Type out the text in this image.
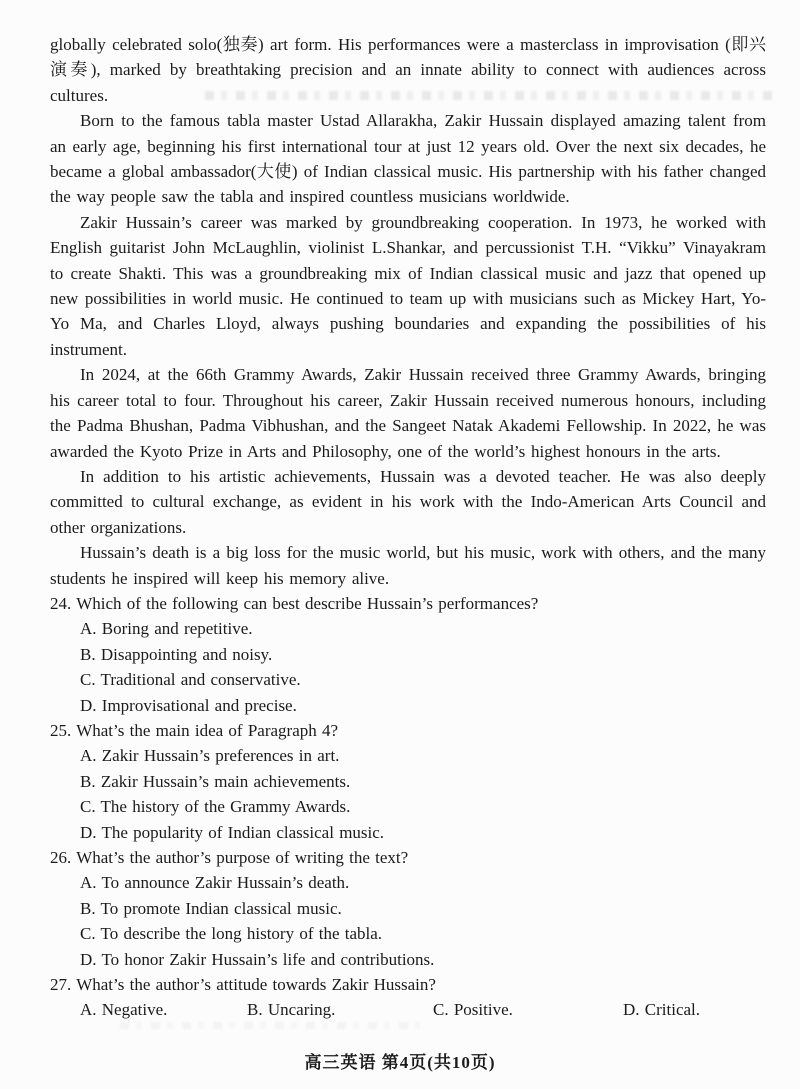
globally celebrated solo(独奏) art form. His performances were a masterclass in improvisation (即兴演奏), marked by breathtaking precision and an innate ability to connect with audiences across cultures.

Born to the famous tabla master Ustad Allarakha, Zakir Hussain displayed amazing talent from an early age, beginning his first international tour at just 12 years old. Over the next six decades, he became a global ambassador(大使) of Indian classical music. His partnership with his father changed the way people saw the tabla and inspired countless musicians worldwide.

Zakir Hussain’s career was marked by groundbreaking cooperation. In 1973, he worked with English guitarist John McLaughlin, violinist L.Shankar, and percussionist T.H. “Vikku” Vinayakram to create Shakti. This was a groundbreaking mix of Indian classical music and jazz that opened up new possibilities in world music. He continued to team up with musicians such as Mickey Hart, Yo-Yo Ma, and Charles Lloyd, always pushing boundaries and expanding the possibilities of his instrument.

In 2024, at the 66th Grammy Awards, Zakir Hussain received three Grammy Awards, bringing his career total to four. Throughout his career, Zakir Hussain received numerous honours, including the Padma Bhushan, Padma Vibhushan, and the Sangeet Natak Akademi Fellowship. In 2022, he was awarded the Kyoto Prize in Arts and Philosophy, one of the world’s highest honours in the arts.

In addition to his artistic achievements, Hussain was a devoted teacher. He was also deeply committed to cultural exchange, as evident in his work with the Indo-American Arts Council and other organizations.

Hussain’s death is a big loss for the music world, but his music, work with others, and the many students he inspired will keep his memory alive.

24. Which of the following can best describe Hussain’s performances?
A. Boring and repetitive.
B. Disappointing and noisy.
C. Traditional and conservative.
D. Improvisational and precise.
25. What’s the main idea of Paragraph 4?
A. Zakir Hussain’s preferences in art.
B. Zakir Hussain’s main achievements.
C. The history of the Grammy Awards.
D. The popularity of Indian classical music.
26. What’s the author’s purpose of writing the text?
A. To announce Zakir Hussain’s death.
B. To promote Indian classical music.
C. To describe the long history of the tabla.
D. To honor Zakir Hussain’s life and contributions.
27. What’s the author’s attitude towards Zakir Hussain?
A. Negative.	B. Uncaring.	C. Positive.	D. Critical.
高三英语 第4页(共10页)
